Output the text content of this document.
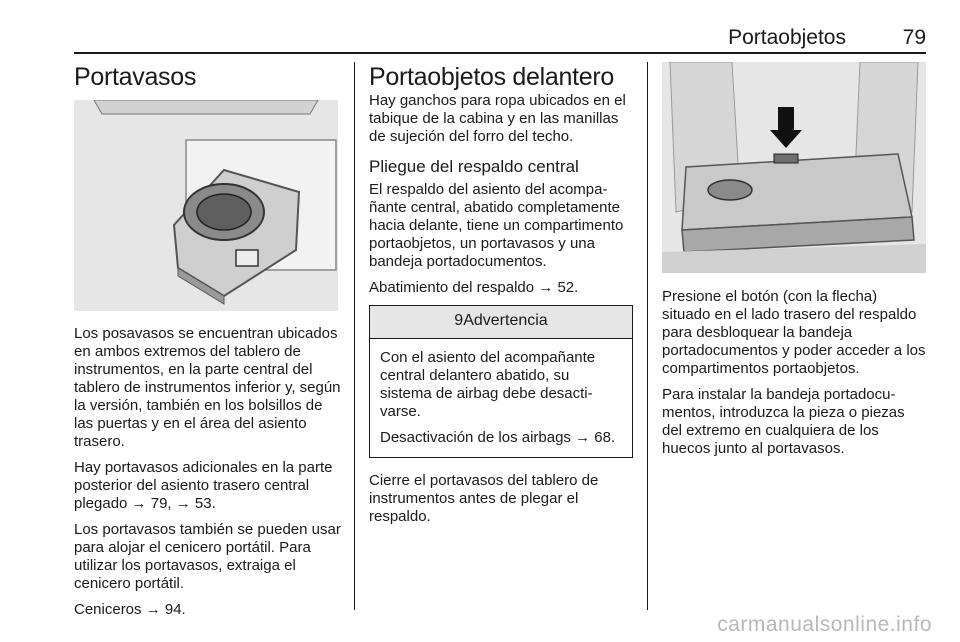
Portaobjetos	79
Portavasos

Los posavasos se encuentran ubicados en ambos extremos del tablero de instrumentos, en la parte central del tablero de instrumentos inferior y, según la versión, también en los bolsillos de las puertas y en el área del asiento trasero.

Hay portavasos adicionales en la parte posterior del asiento trasero central plegado → 79, → 53.

Los portavasos también se pueden usar para alojar el cenicero portátil. Para utilizar los portavasos, extraiga el cenicero portátil.

Ceniceros → 94.

Portaobjetos delantero

Hay ganchos para ropa ubicados en el tabique de la cabina y en las manillas de sujeción del forro del techo.

Pliegue del respaldo central

El respaldo del asiento del acompañante central, abatido completamente hacia delante, tiene un compartimento portaobjetos, un portavasos y una bandeja portadocumentos.

Abatimiento del respaldo → 52.

9Advertencia

Con el asiento del acompañante central delantero abatido, su sistema de airbag debe desactivarse.

Desactivación de los airbags → 68.

Cierre el portavasos del tablero de instrumentos antes de plegar el respaldo.

Presione el botón (con la flecha) situado en el lado trasero del respaldo para desbloquear la bandeja portadocumentos y poder acceder a los compartimentos portaobjetos.

Para instalar la bandeja portadocumentos, introduzca la pieza o piezas del extremo en cualquiera de los huecos junto al portavasos.

carmanualsonline.info
